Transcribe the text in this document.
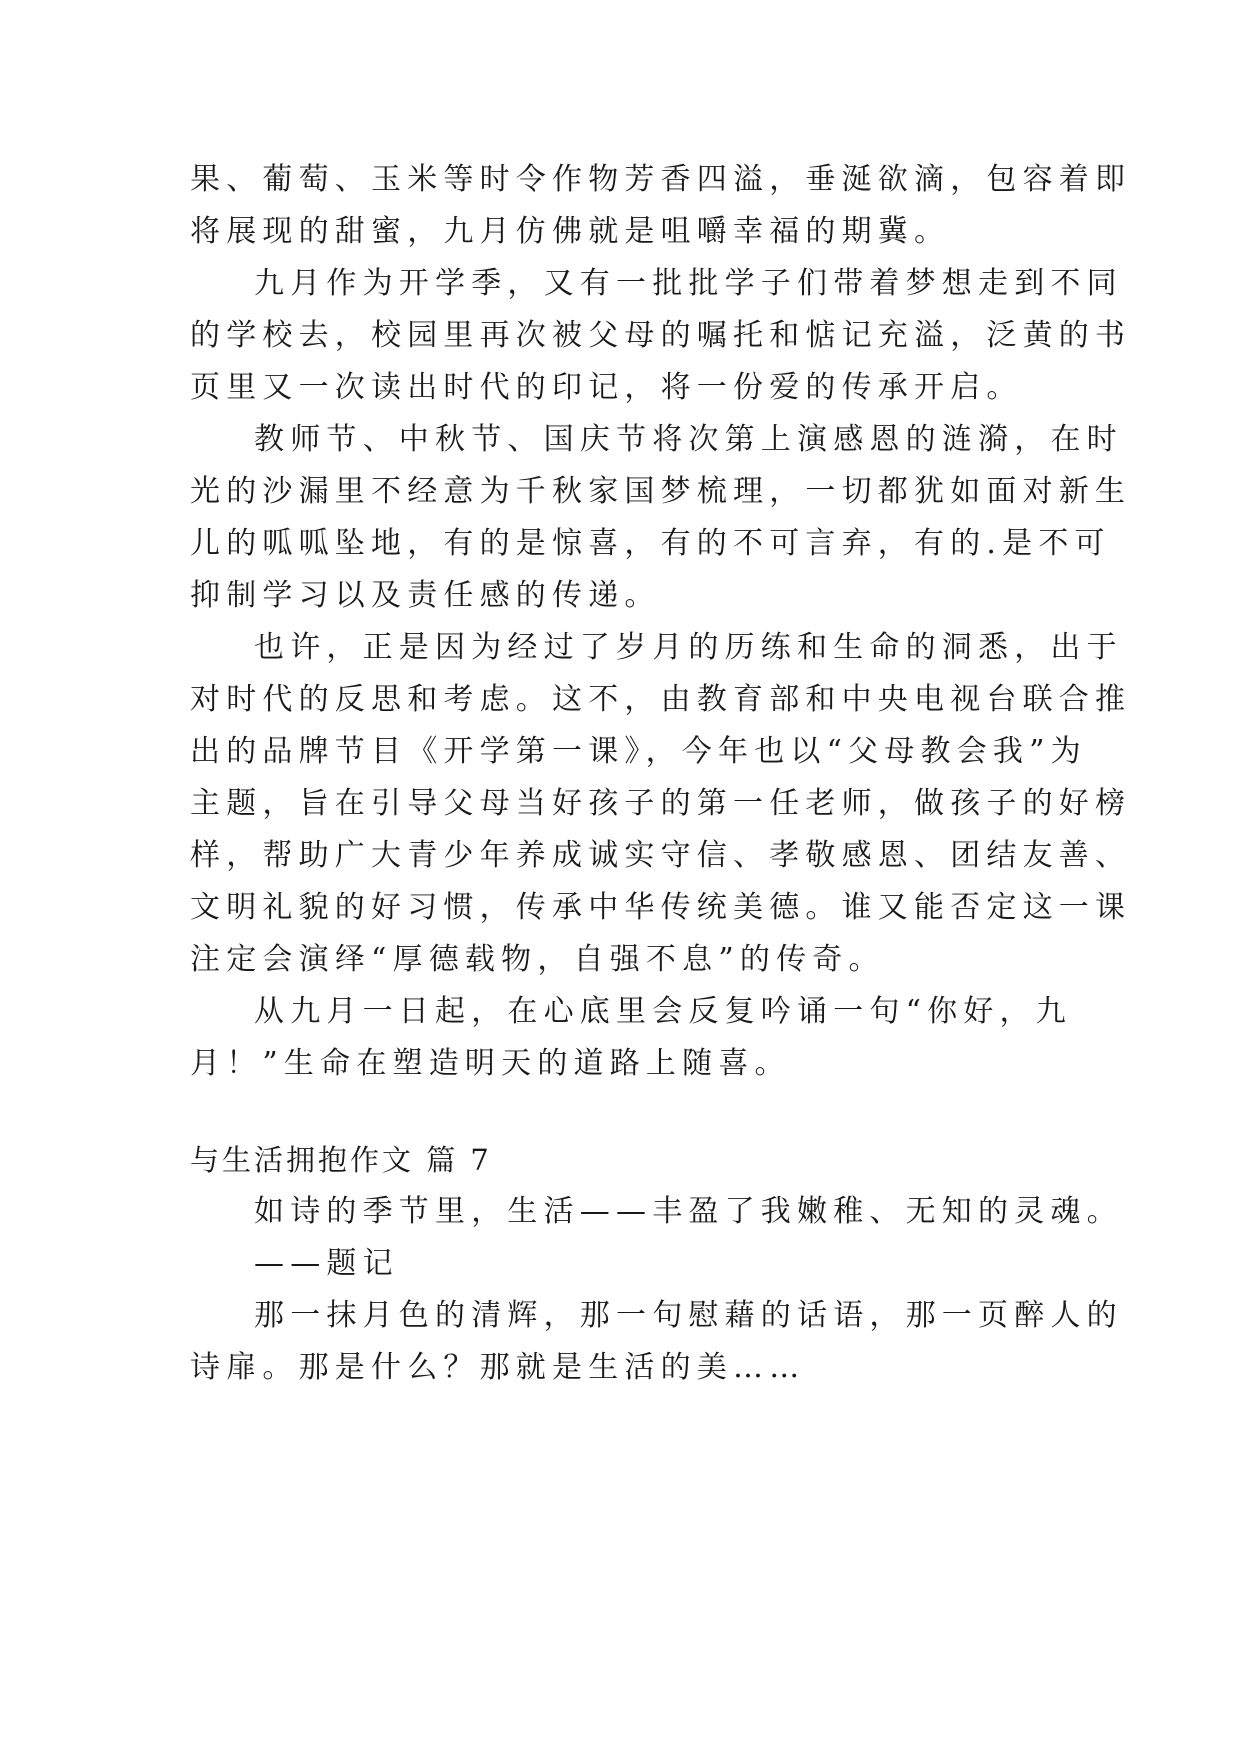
果、葡萄、玉米等时令作物芳香四溢，垂涎欲滴，包容着即
将展现的甜蜜，九月仿佛就是咀嚼幸福的期冀。
九月作为开学季，又有一批批学子们带着梦想走到不同
的学校去，校园里再次被父母的嘱托和惦记充溢，泛黄的书
页里又一次读出时代的印记，将一份爱的传承开启。
教师节、中秋节、国庆节将次第上演感恩的涟漪，在时
光的沙漏里不经意为千秋家国梦梳理，一切都犹如面对新生
儿的呱呱坠地，有的是惊喜，有的不可言弃，有的.是不可
抑制学习以及责任感的传递。
也许，正是因为经过了岁月的历练和生命的洞悉，出于
对时代的反思和考虑。这不，由教育部和中央电视台联合推
出的品牌节目《开学第一课》，今年也以“父母教会我”为
主题，旨在引导父母当好孩子的第一任老师，做孩子的好榜
样，帮助广大青少年养成诚实守信、孝敬感恩、团结友善、
文明礼貌的好习惯，传承中华传统美德。谁又能否定这一课
注定会演绎“厚德载物，自强不息”的传奇。
从九月一日起，在心底里会反复吟诵一句“你好，九
月！”生命在塑造明天的道路上随喜。
与生活拥抱作文 篇 7
如诗的季节里，生活——丰盈了我嫩稚、无知的灵魂。
——题记
那一抹月色的清辉，那一句慰藉的话语，那一页醉人的
诗扉。那是什么？那就是生活的美……
